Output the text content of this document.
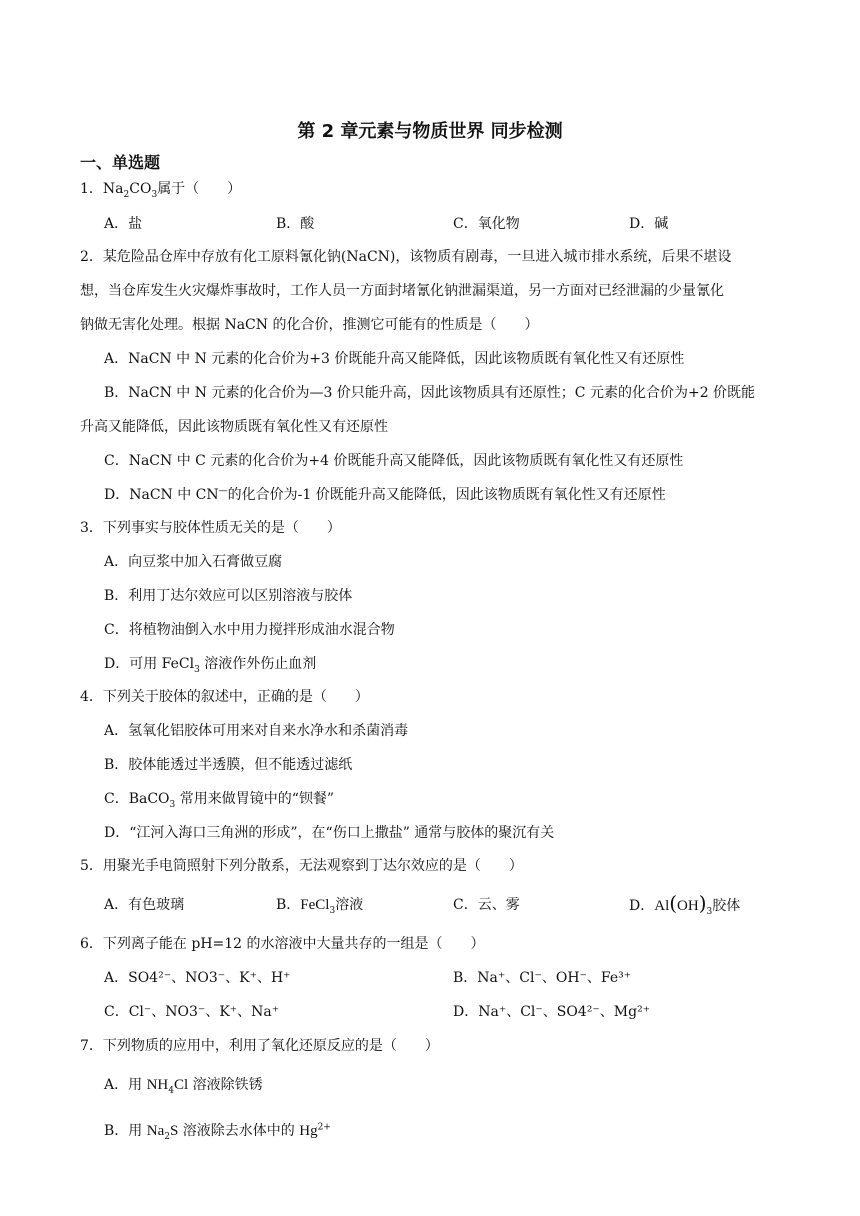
第 2 章元素与物质世界 同步检测
一、单选题
1．$Na_2CO_3$属于（　　）
A．盐	B．酸	C．氧化物	D．碱
2．某危险品仓库中存放有化工原料氰化钠(NaCN)，该物质有剧毒，一旦进入城市排水系统，后果不堪设
想，当仓库发生火灾爆炸事故时，工作人员一方面封堵氰化钠泄漏渠道，另一方面对已经泄漏的少量氰化
钠做无害化处理。根据 NaCN 的化合价，推测它可能有的性质是（　　）
A．NaCN 中 N 元素的化合价为+3 价既能升高又能降低，因此该物质既有氧化性又有还原性
B．NaCN 中 N 元素的化合价为—3 价只能升高，因此该物质具有还原性；C 元素的化合价为+2 价既能
升高又能降低，因此该物质既有氧化性又有还原性
C．NaCN 中 C 元素的化合价为+4 价既能升高又能降低，因此该物质既有氧化性又有还原性
D．NaCN 中 CN—的化合价为-1 价既能升高又能降低，因此该物质既有氧化性又有还原性
3．下列事实与胶体性质无关的是（　　）
A．向豆浆中加入石膏做豆腐
B．利用丁达尔效应可以区别溶液与胶体
C．将植物油倒入水中用力搅拌形成油水混合物
D．可用 FeCl$_3$ 溶液作外伤止血剂
4．下列关于胶体的叙述中，正确的是（　　）
A．氢氧化铝胶体可用来对自来水净水和杀菌消毒
B．胶体能透过半透膜，但不能透过滤纸
C．BaCO$_3$ 常用来做胃镜中的“钡餐”
D．“江河入海口三角洲的形成”，在“伤口上撒盐” 通常与胶体的聚沉有关
5．用聚光手电筒照射下列分散系，无法观察到丁达尔效应的是（　　）
A．有色玻璃	B．FeCl$_3$溶液	C．云、雾	D．$Al(OH)_3$胶体
6．下列离子能在 pH=12 的水溶液中大量共存的一组是（　　）
A．SO4²⁻、NO3⁻、K⁺、H⁺	B．Na⁺、Cl⁻、OH⁻、Fe³⁺
C．Cl⁻、NO3⁻、K⁺、Na⁺	D．Na⁺、Cl⁻、SO4²⁻、Mg²⁺
7．下列物质的应用中，利用了氧化还原反应的是（　　）
A．用 $NH_4Cl$ 溶液除铁锈
B．用 $Na_2S$ 溶液除去水体中的 $Hg^{2+}$
